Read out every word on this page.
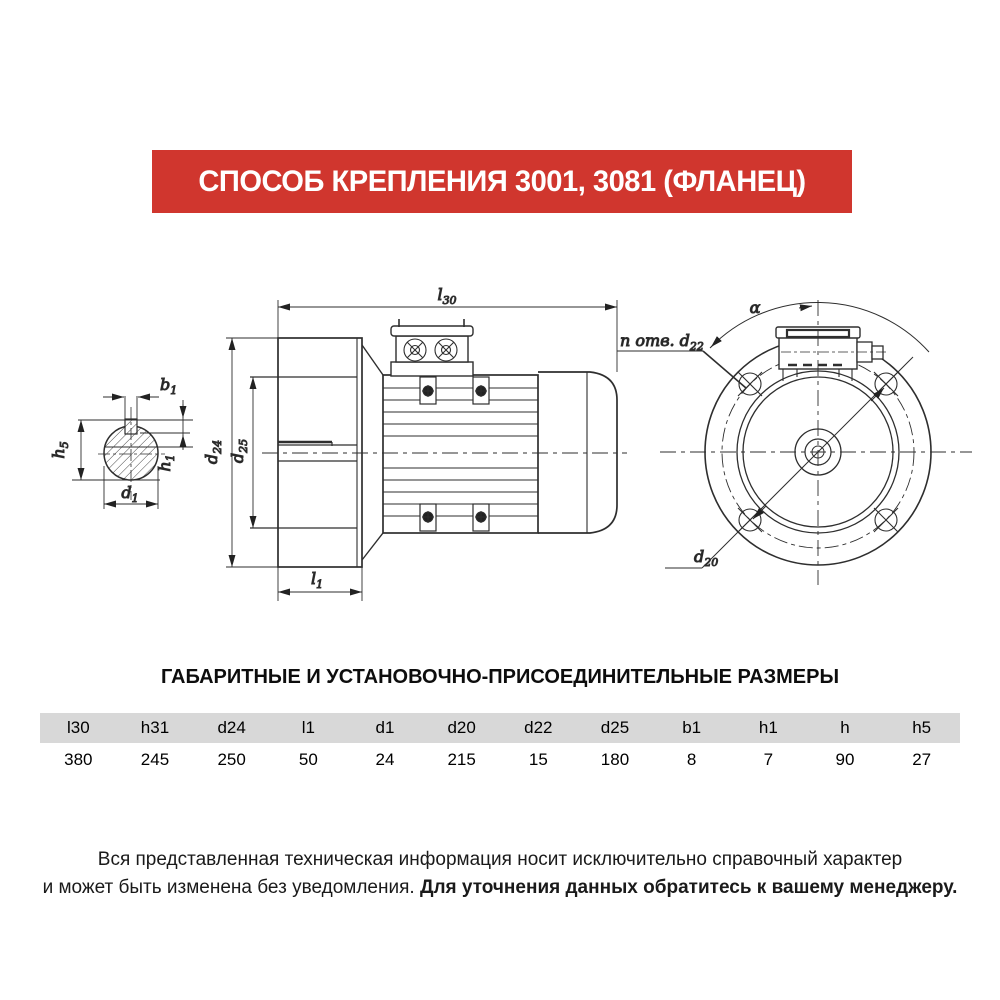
СПОСОБ КРЕПЛЕНИЯ 3001, 3081 (ФЛАНЕЦ)
$b_1$
$h_5$
$h_1$
$d_1$
$l_{30}$
$d_{24}$
$d_{25}$
$l_1$
α
n отв. $d_{22}$
$d_{20}$
ГАБАРИТНЫЕ И УСТАНОВОЧНО-ПРИСОЕДИНИТЕЛЬНЫЕ РАЗМЕРЫ
l30	h31	d24	l1	d1	d20	d22	d25	b1	h1	h	h5
380	245	250	50	24	215	15	180	8	7	90	27
Вся представленная техническая информация носит исключительно справочный характер
и может быть изменена без уведомления. Для уточнения данных обратитесь к вашему менеджеру.
